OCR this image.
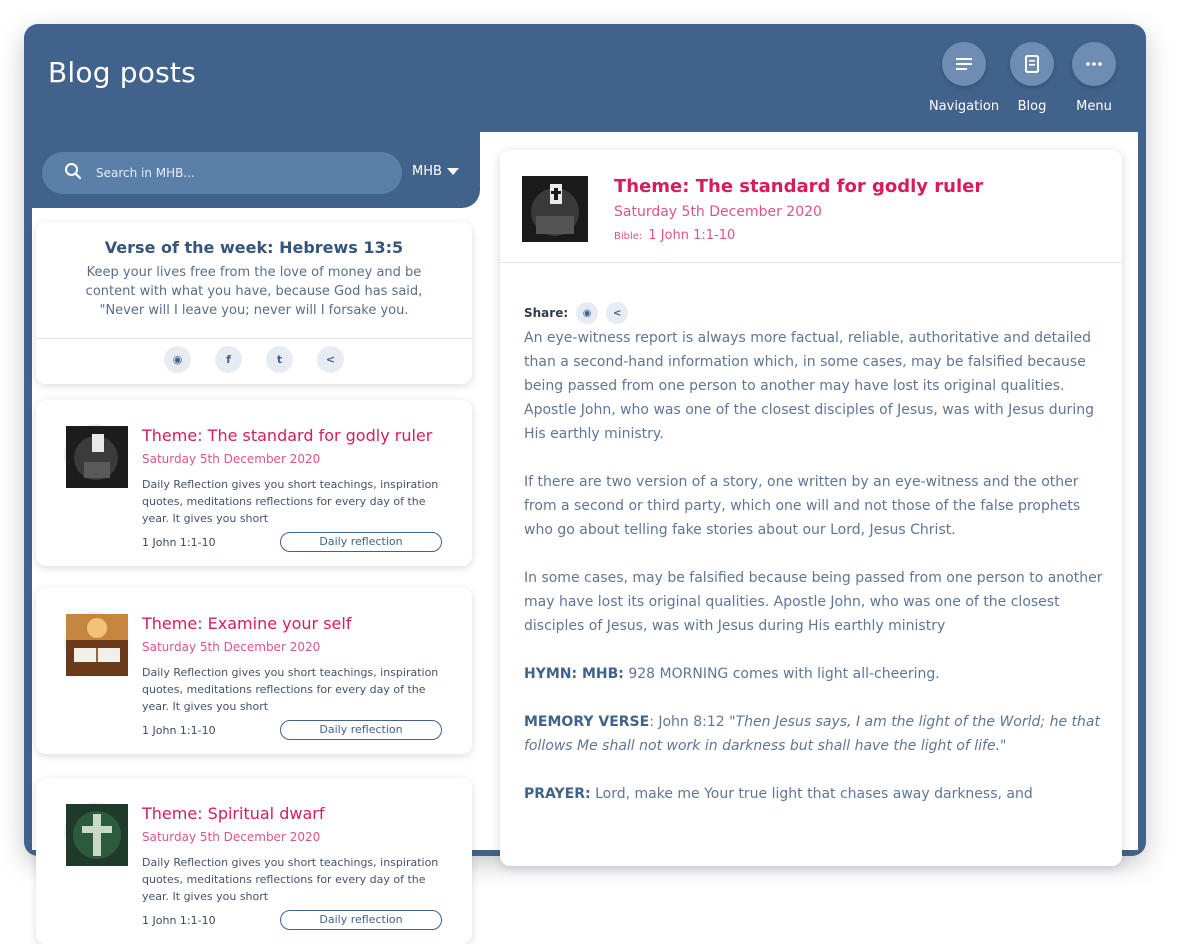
Blog posts
Navigation	Blog	Menu
Search in MHB...
MHB
Verse of the week: Hebrews 13:5
Keep your lives free from the love of money and be content with what you have, because God has said, "Never will I leave you; never will I forsake you.
◉	f	t	<
Theme: The standard for godly ruler
Saturday 5th December 2020
Daily Reflection gives you short teachings, inspiration quotes, meditations reflections for every day of the year. It gives you short
1 John 1:1-10	Daily reflection
Theme: Examine your self
Saturday 5th December 2020
Daily Reflection gives you short teachings, inspiration quotes, meditations reflections for every day of the year. It gives you short
1 John 1:1-10	Daily reflection
Theme: Spiritual dwarf
Saturday 5th December 2020
Daily Reflection gives you short teachings, inspiration quotes, meditations reflections for every day of the year. It gives you short
1 John 1:1-10	Daily reflection
Theme: The standard for godly ruler
Saturday 5th December 2020
Bible: 1 John 1:1-10
Share:	◉	<

An eye-witness report is always more factual, reliable, authoritative and detailed than a second-hand information which, in some cases, may be falsified because being passed from one person to another may have lost its original qualities. Apostle John, who was one of the closest disciples of Jesus, was with Jesus during His earthly ministry.

If there are two version of a story, one written by an eye-witness and the other from a second or third party, which one will and not those of the false prophets who go about telling fake stories about our Lord, Jesus Christ.

In some cases, may be falsified because being passed from one person to another may have lost its original qualities. Apostle John, who was one of the closest disciples of Jesus, was with Jesus during His earthly ministry

HYMN: MHB: 928 MORNING comes with light all-cheering.

MEMORY VERSE: John 8:12 "Then Jesus says, I am the light of the World; he that follows Me shall not work in darkness but shall have the light of life."

PRAYER: Lord, make me Your true light that chases away darkness, and
